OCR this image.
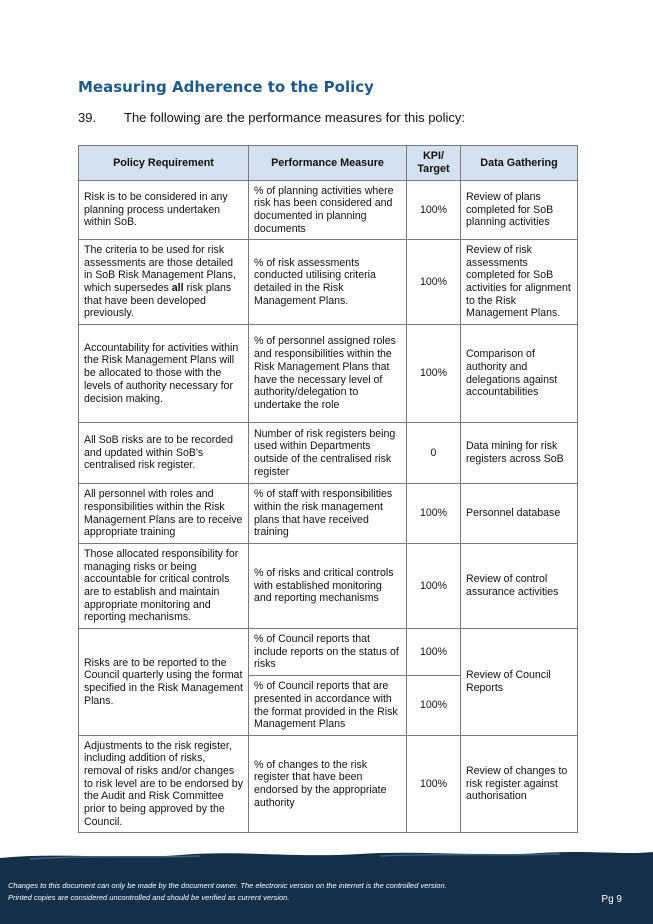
Measuring Adherence to the Policy
39. The following are the performance measures for this policy:
Policy Requirement	Performance Measure	KPI/ Target	Data Gathering
Risk is to be considered in any planning process undertaken within SoB.	% of planning activities where risk has been considered and documented in planning documents	100%	Review of plans completed for SoB planning activities
The criteria to be used for risk assessments are those detailed in SoB Risk Management Plans, which supersedes all risk plans that have been developed previously.	% of risk assessments conducted utilising criteria detailed in the Risk Management Plans.	100%	Review of risk assessments completed for SoB activities for alignment to the Risk Management Plans.
Accountability for activities within the Risk Management Plans will be allocated to those with the levels of authority necessary for decision making.	% of personnel assigned roles and responsibilities within the Risk Management Plans that have the necessary level of authority/delegation to undertake the role	100%	Comparison of authority and delegations against accountabilities
All SoB risks are to be recorded and updated within SoB's centralised risk register.	Number of risk registers being used within Departments outside of the centralised risk register	0	Data mining for risk registers across SoB
All personnel with roles and responsibilities within the Risk Management Plans are to receive appropriate training	% of staff with responsibilities within the risk management plans that have received training	100%	Personnel database
Those allocated responsibility for managing risks or being accountable for critical controls are to establish and maintain appropriate monitoring and reporting mechanisms.	% of risks and critical controls with established monitoring and reporting mechanisms	100%	Review of control assurance activities
Risks are to be reported to the Council quarterly using the format specified in the Risk Management Plans.	% of Council reports that include reports on the status of risks	100%	Review of Council Reports
	% of Council reports that are presented in accordance with the format provided in the Risk Management Plans	100%	
Adjustments to the risk register, including addition of risks, removal of risks and/or changes to risk level are to be endorsed by the Audit and Risk Committee prior to being approved by the Council.	% of changes to the risk register that have been endorsed by the appropriate authority	100%	Review of changes to risk register against authorisation
Changes to this document can only be made by the document owner. The electronic version on the internet is the controlled version.
Printed copies are considered uncontrolled and should be verified as current version.	Pg 9
